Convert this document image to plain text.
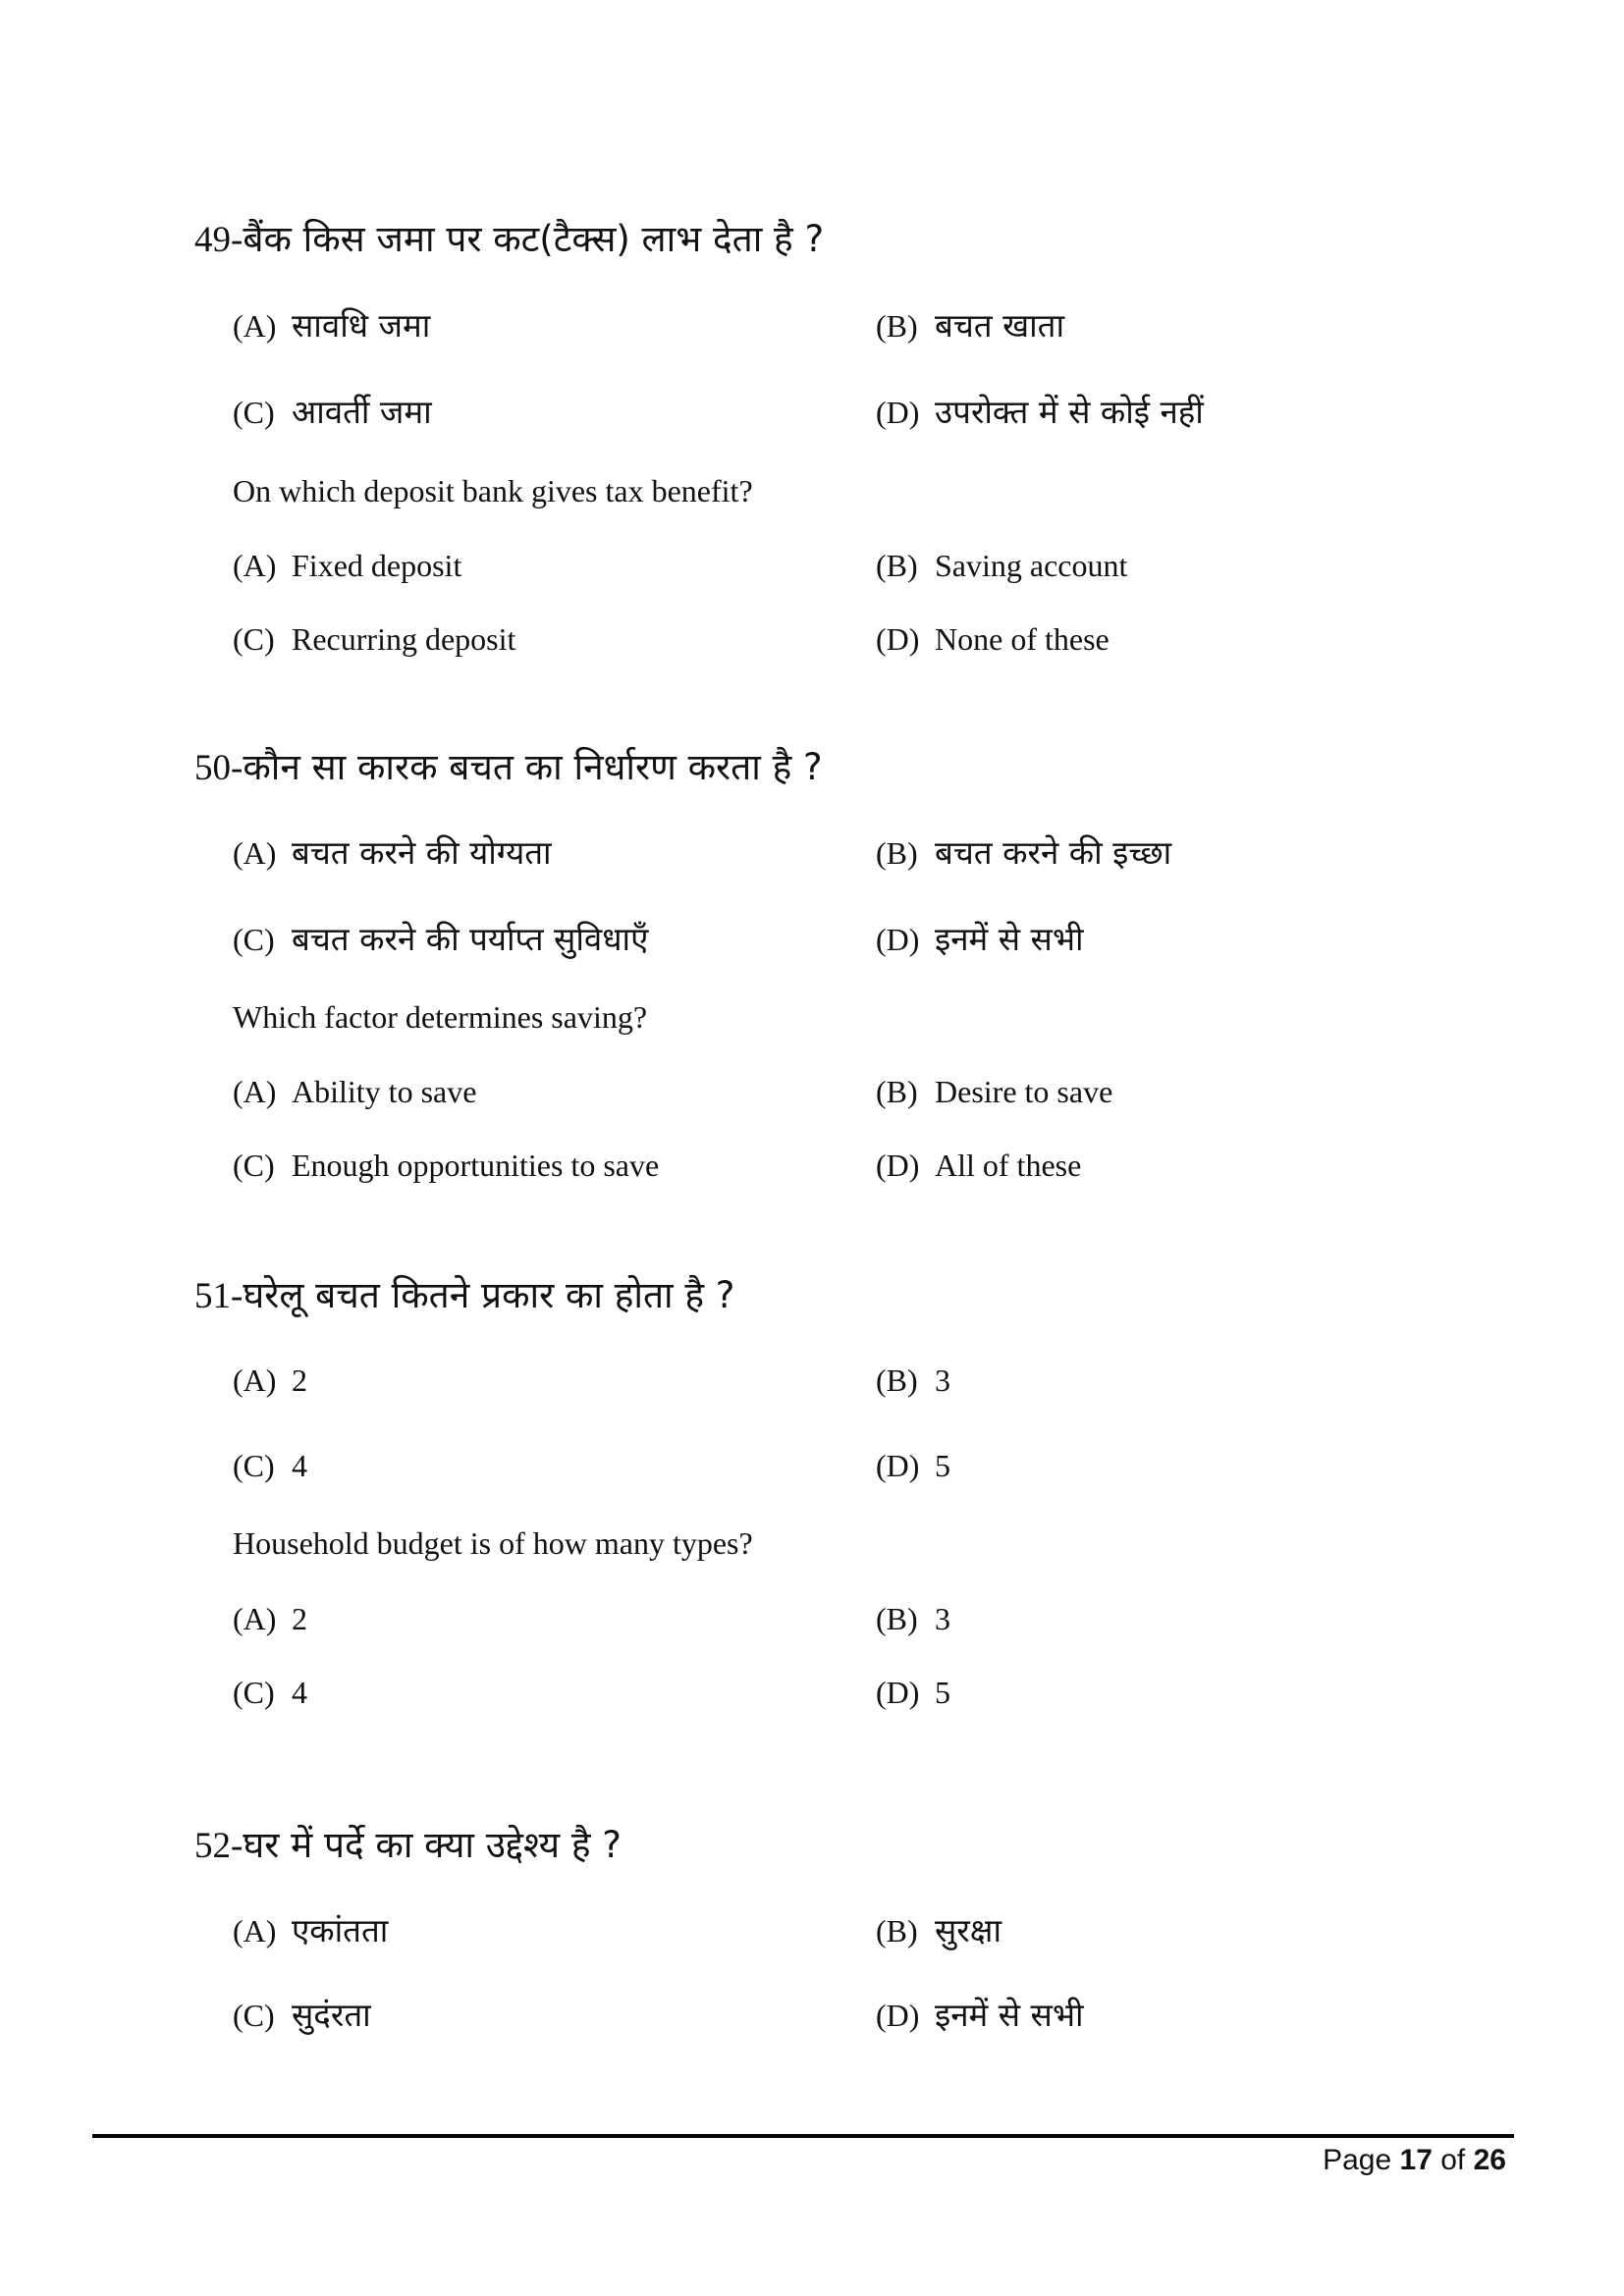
49-बैंक किस जमा पर कट(टैक्स) लाभ देता है ?
(A) सावधि जमा	(B) बचत खाता
(C) आवर्ती जमा	(D) उपरोक्त में से कोई नहीं
On which deposit bank gives tax benefit?
(A) Fixed deposit	(B) Saving account
(C) Recurring deposit	(D) None of these
50-कौन सा कारक बचत का निर्धारण करता है ?
(A) बचत करने की योग्यता	(B) बचत करने की इच्छा
(C) बचत करने की पर्याप्त सुविधाएँ	(D) इनमें से सभी
Which factor determines saving?
(A) Ability to save	(B) Desire to save
(C) Enough opportunities to save	(D) All of these
51-घरेलू बचत कितने प्रकार का होता है ?
(A) 2	(B) 3
(C) 4	(D) 5
Household budget is of how many types?
(A) 2	(B) 3
(C) 4	(D) 5
52-घर में पर्दे का क्या उद्देश्य है ?
(A) एकांतता	(B) सुरक्षा
(C) सुदंरता	(D) इनमें से सभी
Page 17 of 26
